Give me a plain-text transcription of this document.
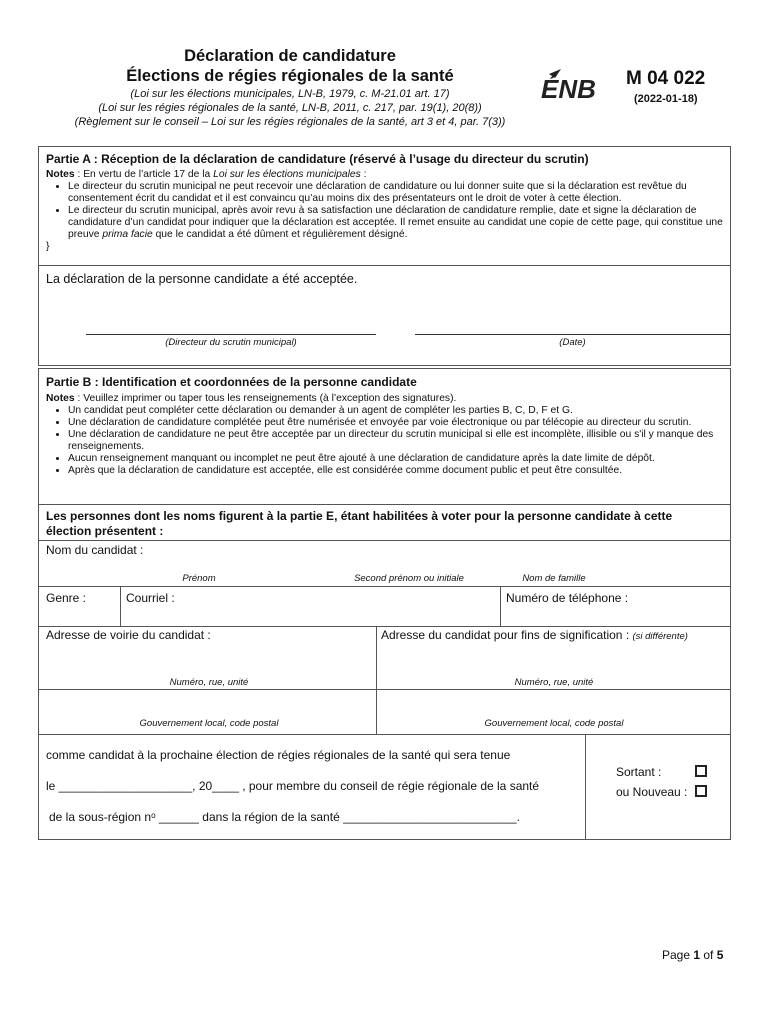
Déclaration de candidature
Élections de régies régionales de la santé
(Loi sur les élections municipales, LN-B, 1979, c. M-21.01 art. 17)
(Loi sur les régies régionales de la santé, LN-B, 2011, c. 217, par. 19(1), 20(8))
(Règlement sur le conseil – Loi sur les régies régionales de la santé, art 3 et 4, par. 7(3))
ÉNB M 04 022
(2022-01-18)
Partie A : Réception de la déclaration de candidature (réservé à l’usage du directeur du scrutin)
Notes : En vertu de l’article 17 de la Loi sur les élections municipales :
• Le directeur du scrutin municipal ne peut recevoir une déclaration de candidature ou lui donner suite que si la déclaration est revêtue du consentement écrit du candidat et il est convaincu qu’au moins dix des présentateurs ont le droit de voter à cette élection.
• Le directeur du scrutin municipal, après avoir revu à sa satisfaction une déclaration de candidature remplie, date et signe la déclaration de candidature d’un candidat pour indiquer que la déclaration est acceptée. Il remet ensuite au candidat une copie de cette page, qui constitue une preuve prima facie que le candidat a été dûment et régulièrement désigné.
}
La déclaration de la personne candidate a été acceptée.
(Directeur du scrutin municipal)	(Date)
Partie B : Identification et coordonnées de la personne candidate
Notes : Veuillez imprimer ou taper tous les renseignements (à l’exception des signatures).
• Un candidat peut compléter cette déclaration ou demander à un agent de compléter les parties B, C, D, F et G.
• Une déclaration de candidature complétée peut être numérisée et envoyée par voie électronique ou par télécopie au directeur du scrutin.
• Une déclaration de candidature ne peut être acceptée par un directeur du scrutin municipal si elle est incomplète, illisible ou s'il y manque des renseignements.
• Aucun renseignement manquant ou incomplet ne peut être ajouté à une déclaration de candidature après la date limite de dépôt.
• Après que la déclaration de candidature est acceptée, elle est considérée comme document public et peut être consultée.
Les personnes dont les noms figurent à la partie E, étant habilitées à voter pour la personne candidate à cette élection présentent :
Nom du candidat :
Prénom	Second prénom ou initiale	Nom de famille
Genre :	Courriel :	Numéro de téléphone :
Adresse de voirie du candidat :	Adresse du candidat pour fins de signification : (si différente)
Numéro, rue, unité	Numéro, rue, unité
Gouvernement local, code postal	Gouvernement local, code postal
comme candidat à la prochaine élection de régies régionales de la santé qui sera tenue
le ____________________, 20____ , pour membre du conseil de régie régionale de la santé
de la sous-région nᵒ ______ dans la région de la santé __________________________.
Sortant :
ou Nouveau :
Page 1 of 5
